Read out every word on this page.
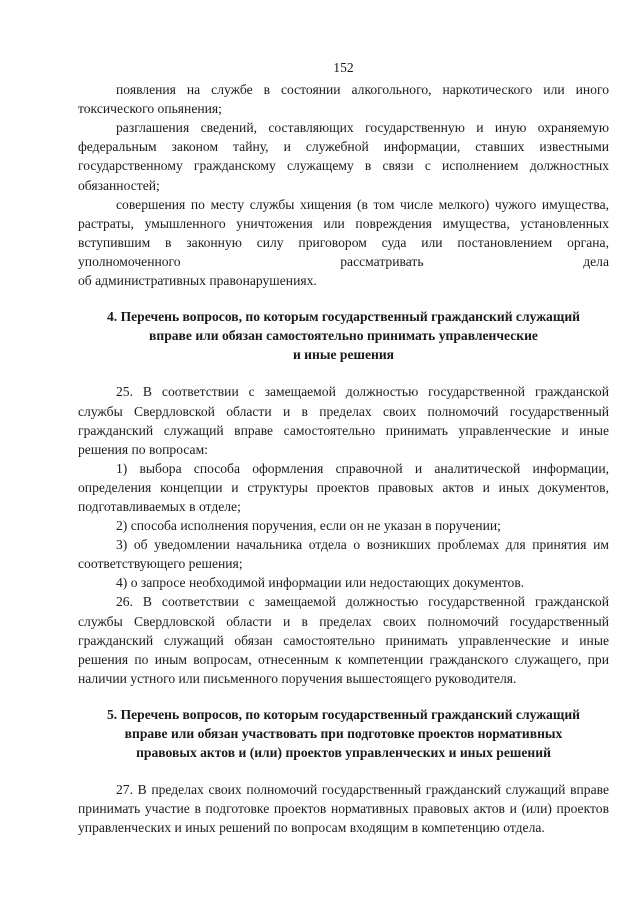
152

появления на службе в состоянии алкогольного, наркотического или иного токсического опьянения;

разглашения сведений, составляющих государственную и иную охраняемую федеральным законом тайну, и служебной информации, ставших известными государственному гражданскому служащему в связи с исполнением должностных обязанностей;

совершения по месту службы хищения (в том числе мелкого) чужого имущества, растраты, умышленного уничтожения или повреждения имущества, установленных вступившим в законную силу приговором суда или постановлением органа, уполномоченного рассматривать дела

об административных правонарушениях.

4. Перечень вопросов, по которым государственный гражданский служащий
вправе или обязан самостоятельно принимать управленческие
и иные решения

25. В соответствии с замещаемой должностью государственной гражданской службы Свердловской области и в пределах своих полномочий государственный гражданский служащий вправе самостоятельно принимать управленческие и иные решения по вопросам:

1) выбора способа оформления справочной и аналитической информации, определения концепции и структуры проектов правовых актов и иных документов, подготавливаемых в отделе;

2) способа исполнения поручения, если он не указан в поручении;

3) об уведомлении начальника отдела о возникших проблемах для принятия им соответствующего решения;

4) о запросе необходимой информации или недостающих документов.

26. В соответствии с замещаемой должностью государственной гражданской службы Свердловской области и в пределах своих полномочий государственный гражданский служащий обязан самостоятельно принимать управленческие и иные решения по иным вопросам, отнесенным к компетенции гражданского служащего, при наличии устного или письменного поручения вышестоящего руководителя.

5. Перечень вопросов, по которым государственный гражданский служащий
вправе или обязан участвовать при подготовке проектов нормативных
правовых актов и (или) проектов управленческих и иных решений

27. В пределах своих полномочий государственный гражданский служащий вправе принимать участие в подготовке проектов нормативных правовых актов и (или) проектов управленческих и иных решений по вопросам входящим в компетенцию отдела.
